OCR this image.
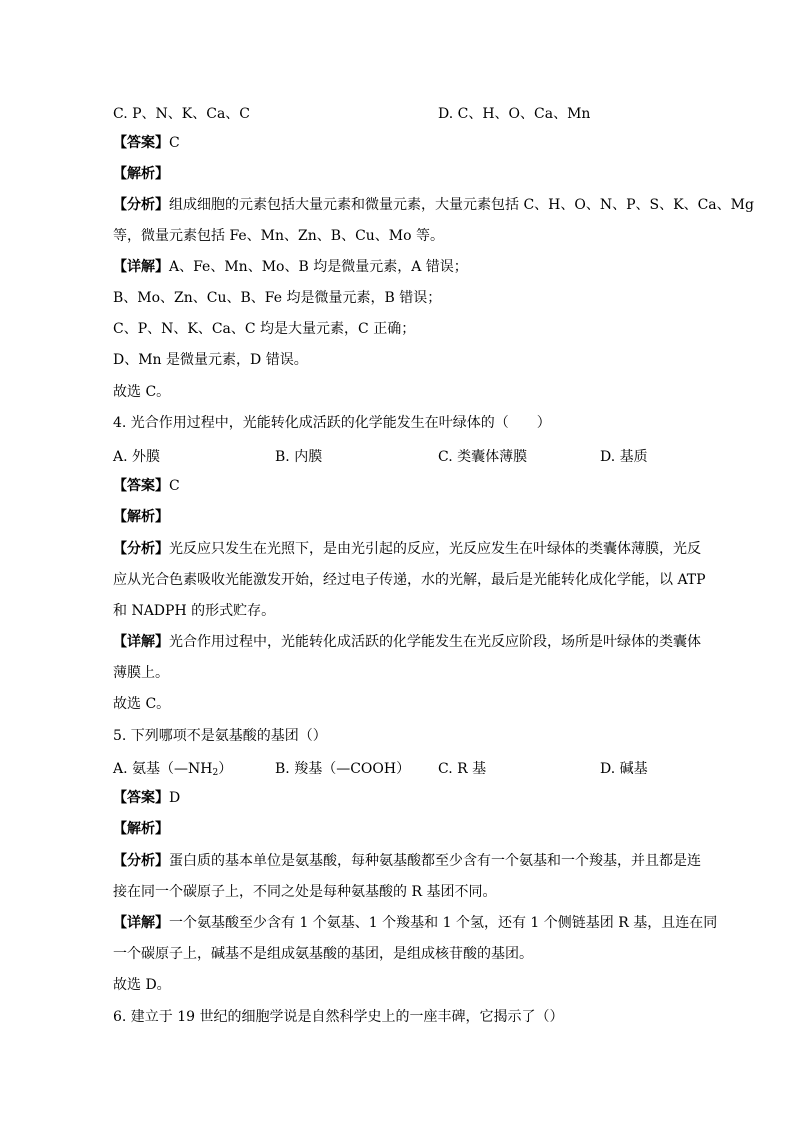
C. P、N、K、Ca、C	D. C、H、O、Ca、Mn
【答案】C
【解析】
【分析】组成细胞的元素包括大量元素和微量元素，大量元素包括 C、H、O、N、P、S、K、Ca、Mg
等，微量元素包括 Fe、Mn、Zn、B、Cu、Mo 等。
【详解】A、Fe、Mn、Mo、B 均是微量元素，A 错误；
B、Mo、Zn、Cu、B、Fe 均是微量元素，B 错误；
C、P、N、K、Ca、C 均是大量元素，C 正确；
D、Mn 是微量元素，D 错误。
故选 C。
4. 光合作用过程中，光能转化成活跃的化学能发生在叶绿体的（　　）
A. 外膜	B. 内膜	C. 类囊体薄膜	D. 基质
【答案】C
【解析】
【分析】光反应只发生在光照下，是由光引起的反应，光反应发生在叶绿体的类囊体薄膜，光反
应从光合色素吸收光能激发开始，经过电子传递，水的光解，最后是光能转化成化学能，以 ATP
和 NADPH 的形式贮存。
【详解】光合作用过程中，光能转化成活跃的化学能发生在光反应阶段，场所是叶绿体的类囊体
薄膜上。
故选 C。
5. 下列哪项不是氨基酸的基团（）
A. 氨基$(—NH_2)$	B. 羧基（—COOH） C. R 基	D. 碱基
【答案】D
【解析】
【分析】蛋白质的基本单位是氨基酸，每种氨基酸都至少含有一个氨基和一个羧基，并且都是连
接在同一个碳原子上，不同之处是每种氨基酸的 R 基团不同。
【详解】一个氨基酸至少含有 1 个氨基、1 个羧基和 1 个氢，还有 1 个侧链基团 R 基，且连在同
一个碳原子上，碱基不是组成氨基酸的基团，是组成核苷酸的基团。
故选 D。
6. 建立于 19 世纪的细胞学说是自然科学史上的一座丰碑，它揭示了（）
